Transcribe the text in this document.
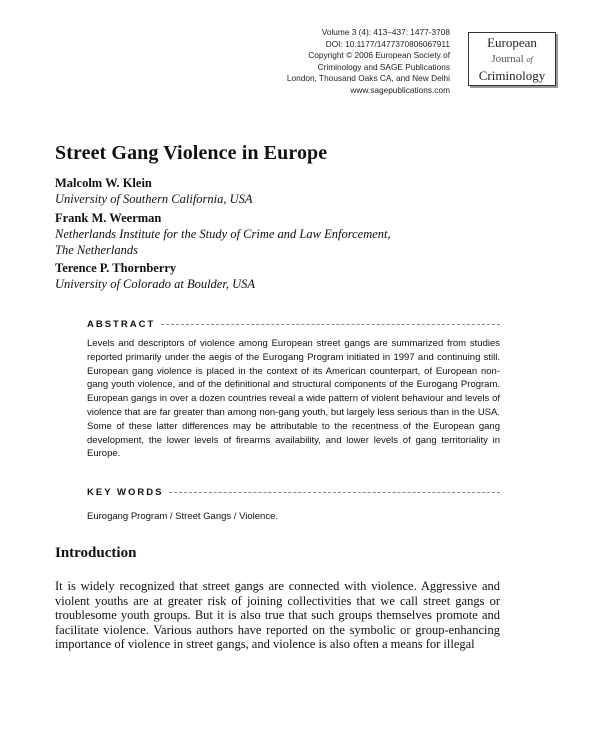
Volume 3 (4): 413–437: 1477-3708
DOI: 10.1177/1477370806067911
Copyright © 2006 European Society of
Criminology and SAGE Publications
London, Thousand Oaks CA, and New Delhi
www.sagepublications.com
European
Journal of
Criminology
Street Gang Violence in Europe

Malcolm W. Klein

University of Southern California, USA

Frank M. Weerman

Netherlands Institute for the Study of Crime and Law Enforcement,
The Netherlands

Terence P. Thornberry

University of Colorado at Boulder, USA

ABSTRACT
Levels and descriptors of violence among European street gangs are summarized from studies reported primarily under the aegis of the Eurogang Program initiated in 1997 and continuing still. European gang violence is placed in the context of its American counterpart, of European non-gang youth violence, and of the definitional and structural components of the Eurogang Program. European gangs in over a dozen countries reveal a wide pattern of violent behaviour and levels of violence that are far greater than among non-gang youth, but largely less serious than in the USA. Some of these latter differences may be attributable to the recentness of the European gang development, the lower levels of firearms availability, and lower levels of gang territoriality in Europe.
KEY WORDS
Eurogang Program / Street Gangs / Violence.
Introduction

It is widely recognized that street gangs are connected with violence. Aggressive and violent youths are at greater risk of joining collectivities that we call street gangs or troublesome youth groups. But it is also true that such groups themselves promote and facilitate violence. Various authors have reported on the symbolic or group-enhancing importance of violence in street gangs, and violence is also often a means for illegal
